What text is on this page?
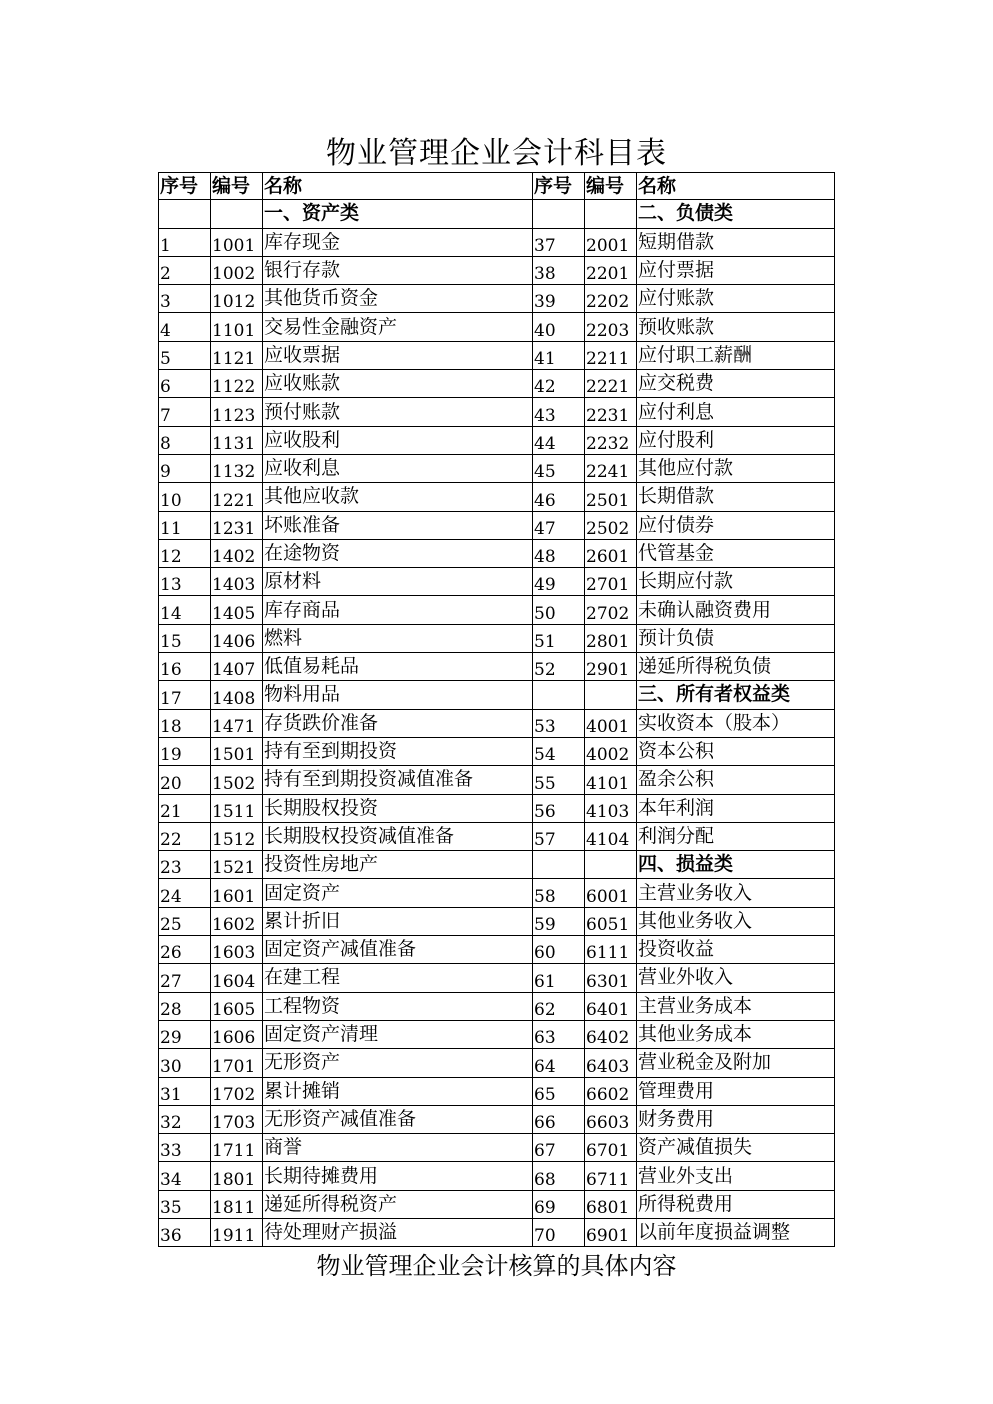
物业管理企业会计科目表
序号	编号	名称	序号	编号	名称
		一、资产类			二、负债类
1	1001	库存现金	37	2001	短期借款
2	1002	银行存款	38	2201	应付票据
3	1012	其他货币资金	39	2202	应付账款
4	1101	交易性金融资产	40	2203	预收账款
5	1121	应收票据	41	2211	应付职工薪酬
6	1122	应收账款	42	2221	应交税费
7	1123	预付账款	43	2231	应付利息
8	1131	应收股利	44	2232	应付股利
9	1132	应收利息	45	2241	其他应付款
10	1221	其他应收款	46	2501	长期借款
11	1231	坏账准备	47	2502	应付债券
12	1402	在途物资	48	2601	代管基金
13	1403	原材料	49	2701	长期应付款
14	1405	库存商品	50	2702	未确认融资费用
15	1406	燃料	51	2801	预计负债
16	1407	低值易耗品	52	2901	递延所得税负债
17	1408	物料用品			三、所有者权益类
18	1471	存货跌价准备	53	4001	实收资本（股本）
19	1501	持有至到期投资	54	4002	资本公积
20	1502	持有至到期投资减值准备	55	4101	盈余公积
21	1511	长期股权投资	56	4103	本年利润
22	1512	长期股权投资减值准备	57	4104	利润分配
23	1521	投资性房地产			四、损益类
24	1601	固定资产	58	6001	主营业务收入
25	1602	累计折旧	59	6051	其他业务收入
26	1603	固定资产减值准备	60	6111	投资收益
27	1604	在建工程	61	6301	营业外收入
28	1605	工程物资	62	6401	主营业务成本
29	1606	固定资产清理	63	6402	其他业务成本
30	1701	无形资产	64	6403	营业税金及附加
31	1702	累计摊销	65	6602	管理费用
32	1703	无形资产减值准备	66	6603	财务费用
33	1711	商誉	67	6701	资产减值损失
34	1801	长期待摊费用	68	6711	营业外支出
35	1811	递延所得税资产	69	6801	所得税费用
36	1911	待处理财产损溢	70	6901	以前年度损益调整
物业管理企业会计核算的具体内容
